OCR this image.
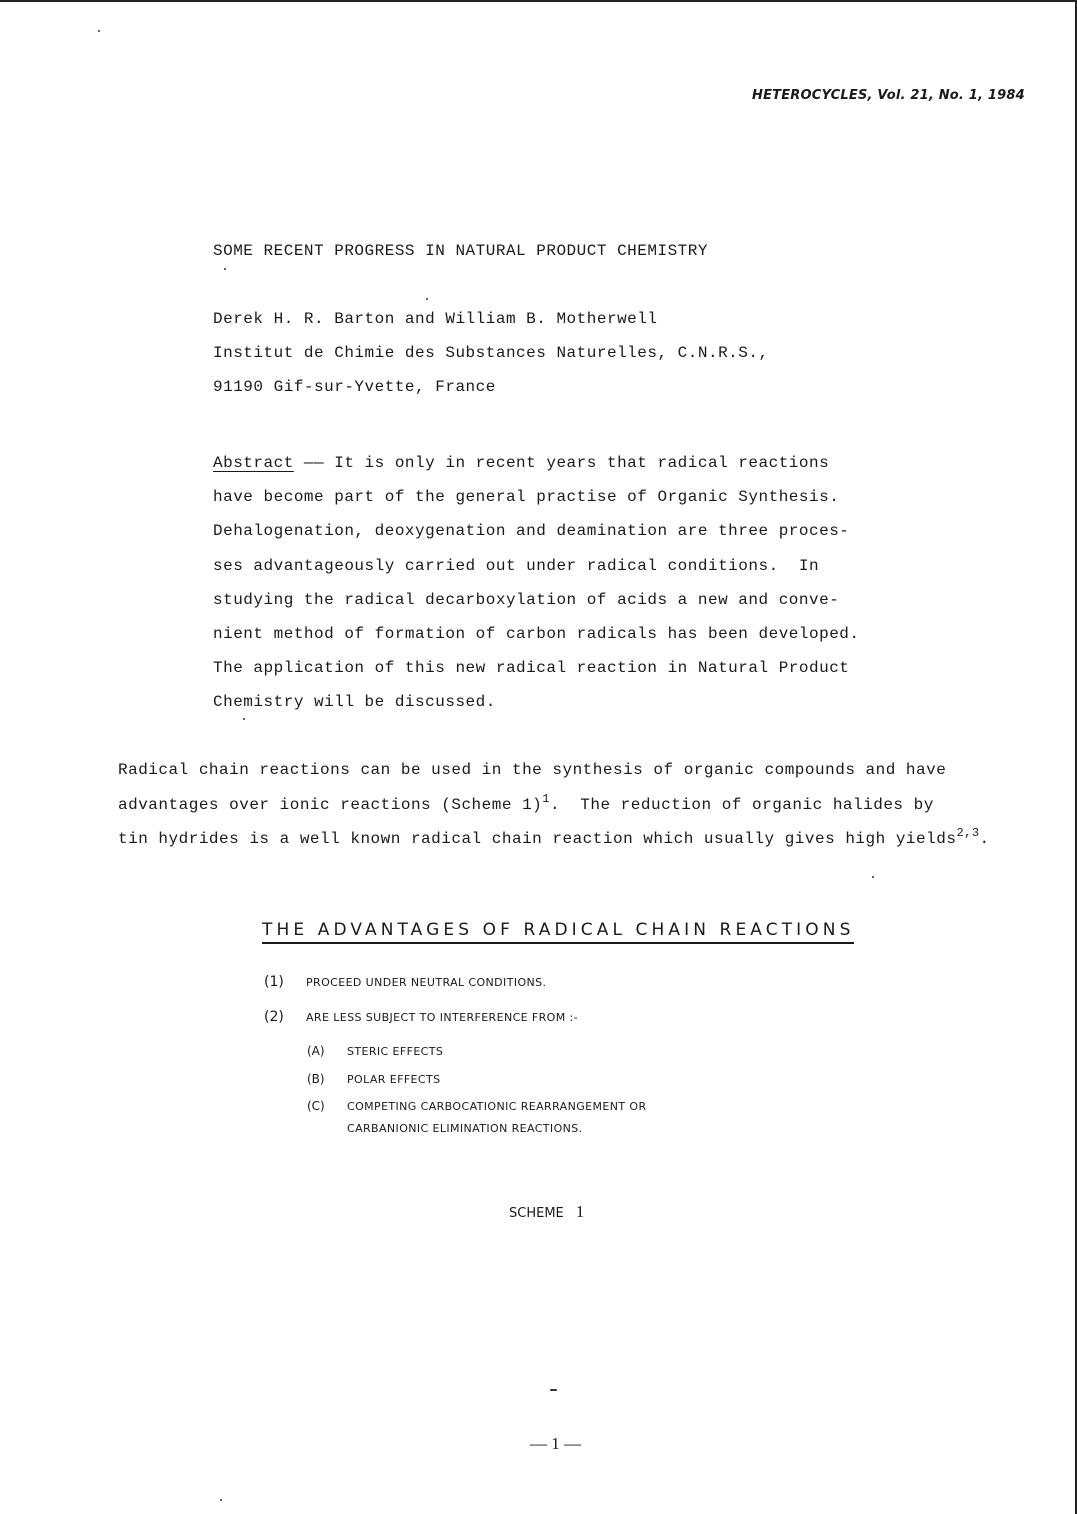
HETEROCYCLES, Vol. 21, No. 1, 1984
SOME RECENT PROGRESS IN NATURAL PRODUCT CHEMISTRY
Derek H. R. Barton and William B. Motherwell
Institut de Chimie des Substances Naturelles, C.N.R.S.,
91190 Gif-sur-Yvette, France
Abstract —— It is only in recent years that radical reactions
have become part of the general practise of Organic Synthesis.
Dehalogenation, deoxygenation and deamination are three proces-
ses advantageously carried out under radical conditions.  In
studying the radical decarboxylation of acids a new and conve-
nient method of formation of carbon radicals has been developed.
The application of this new radical reaction in Natural Product
Chemistry will be discussed.
Radical chain reactions can be used in the synthesis of organic compounds and have
advantages over ionic reactions (Scheme 1)$^1$.  The reduction of organic halides by
tin hydrides is a well known radical chain reaction which usually gives high yields$^{2,3}$.
THE ADVANTAGES OF RADICAL CHAIN REACTIONS
(1) PROCEED UNDER NEUTRAL CONDITIONS.
(2) ARE LESS SUBJECT TO INTERFERENCE FROM :-
(A) STERIC EFFECTS
(B) POLAR EFFECTS
(C) COMPETING CARBOCATIONIC REARRANGEMENT OR
CARBANIONIC ELIMINATION REACTIONS.
SCHEME 1
— 1 —
